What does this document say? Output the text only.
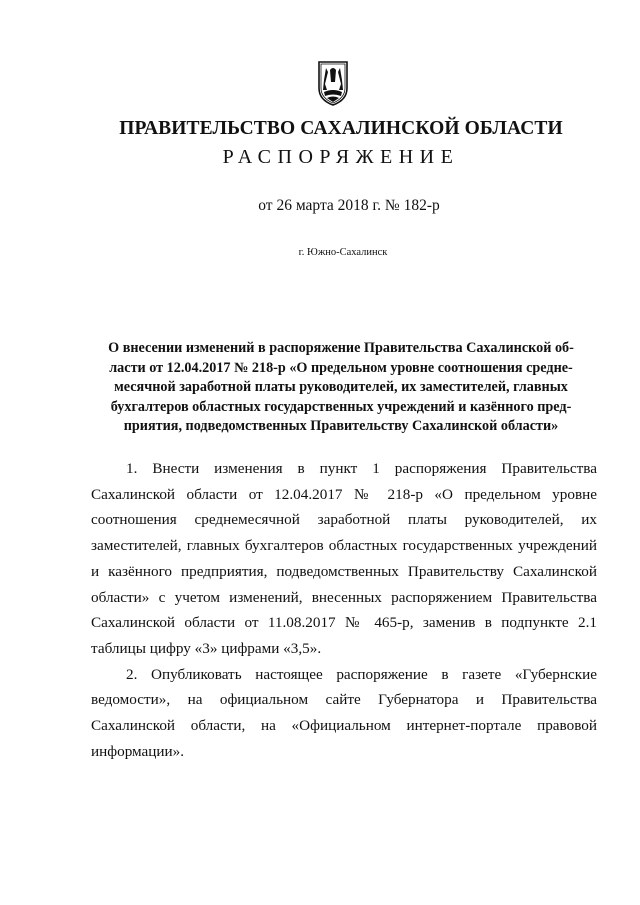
ПРАВИТЕЛЬСТВО САХАЛИНСКОЙ ОБЛАСТИ
РАСПОРЯЖЕНИЕ
от 26 марта 2018 г. № 182-р
г. Южно-Сахалинск
О внесении изменений в распоряжение Правительства Сахалинской об-
ласти от 12.04.2017 № 218-р «О предельном уровне соотношения средне-
месячной заработной платы руководителей, их заместителей, главных
бухгалтеров областных государственных учреждений и казённого пред-
приятия, подведомственных Правительству Сахалинской области»
1. Внести изменения в пункт 1 распоряжения Правительства
Сахалинской области от 12.04.2017 № 218-р «О предельном уровне
соотношения среднемесячной заработной платы руководителей, их
заместителей, главных бухгалтеров областных государственных учреждений
и казённого предприятия, подведомственных Правительству Сахалинской
области» с учетом изменений, внесенных распоряжением Правительства
Сахалинской области от 11.08.2017 № 465-р, заменив в подпункте 2.1
таблицы цифру «3» цифрами «3,5».
2. Опубликовать настоящее распоряжение в газете «Губернские
ведомости», на официальном сайте Губернатора и Правительства
Сахалинской области, на «Официальном интернет-портале правовой
информации».
